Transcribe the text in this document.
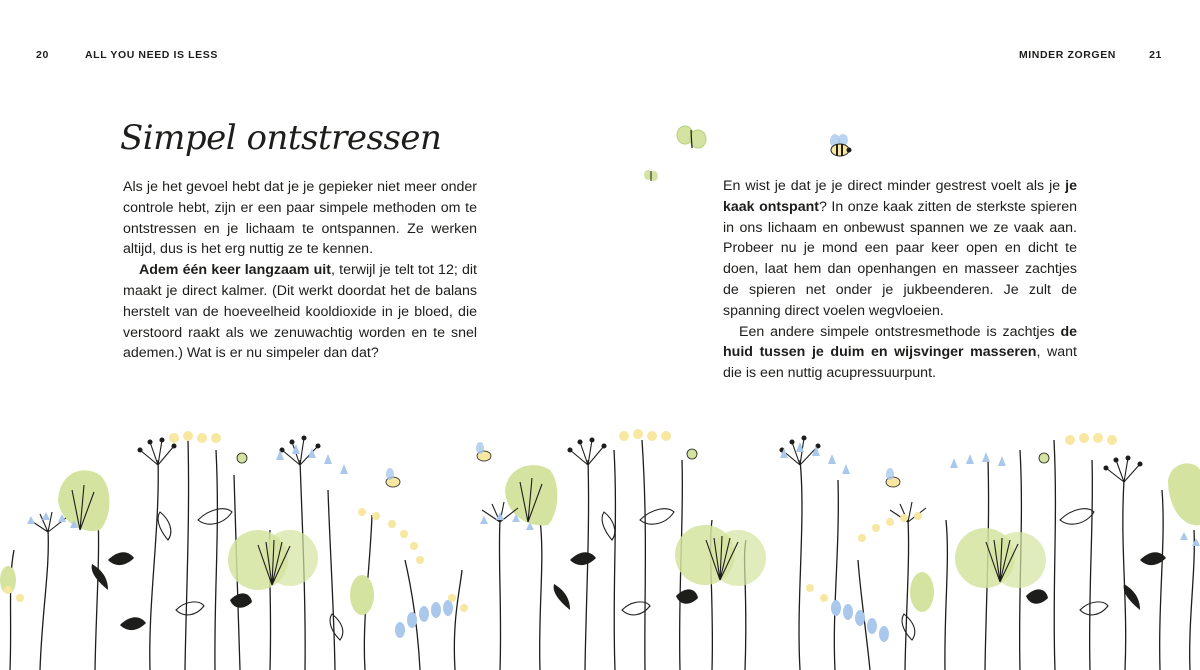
20	ALL YOU NEED IS LESS	MINDER ZORGEN	21
Simpel ontstressen

Als je het gevoel hebt dat je je gepieker niet meer onder controle hebt, zijn er een paar simpele methoden om te ontstressen en je lichaam te ontspannen. Ze werken altijd, dus is het erg nuttig ze te kennen.

Adem één keer langzaam uit, terwijl je telt tot 12; dit maakt je direct kalmer. (Dit werkt doordat het de balans herstelt van de hoeveelheid kooldioxide in je bloed, die verstoord raakt als we zenuwachtig worden en te snel ademen.) Wat is er nu simpeler dan dat?

En wist je dat je je direct minder gestrest voelt als je je kaak ontspant? In onze kaak zitten de sterkste spieren in ons lichaam en onbewust spannen we ze vaak aan. Probeer nu je mond een paar keer open en dicht te doen, laat hem dan openhangen en masseer zachtjes de spieren net onder je jukbeenderen. Je zult de spanning direct voelen wegvloeien.

Een andere simpele ontstresmethode is zachtjes de huid tussen je duim en wijsvinger masseren, want die is een nuttig acupressuurpunt.
